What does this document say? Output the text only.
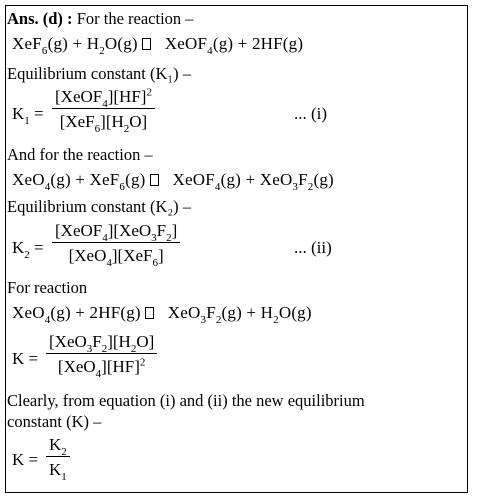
Ans. (d) : For the reaction –
$XeF_6(g) + H_2O(g)$ XeOF$_4$(g) + 2HF(g)
Equilibrium constant (K₁) –
$K_1$ =
[XeOF$_4$][HF]$^2$
$[XeF_6][H_2O]$	... (i)
And for the reaction –
XeO$_4$(g) + XeF$_6$(g) XeOF$_4$(g) + $XeO_3F_2(g)$
Equilibrium constant (K₂) –
$K_2$ =
$[XeOF_4][XeO_3F_2]$
[XeO$_4$][XeF$_6$]	... (ii)
For reaction
XeO$_4$(g) + 2HF(g) $XeO_3F_2(g) + H_2O(g)$
K =
$[XeO_3F_2][H_2O]$
[XeO$_4$][HF]$^2$
Clearly, from equation (i) and (ii) the new equilibrium
constant (K) –
K =
$K_2$
$K_1$
